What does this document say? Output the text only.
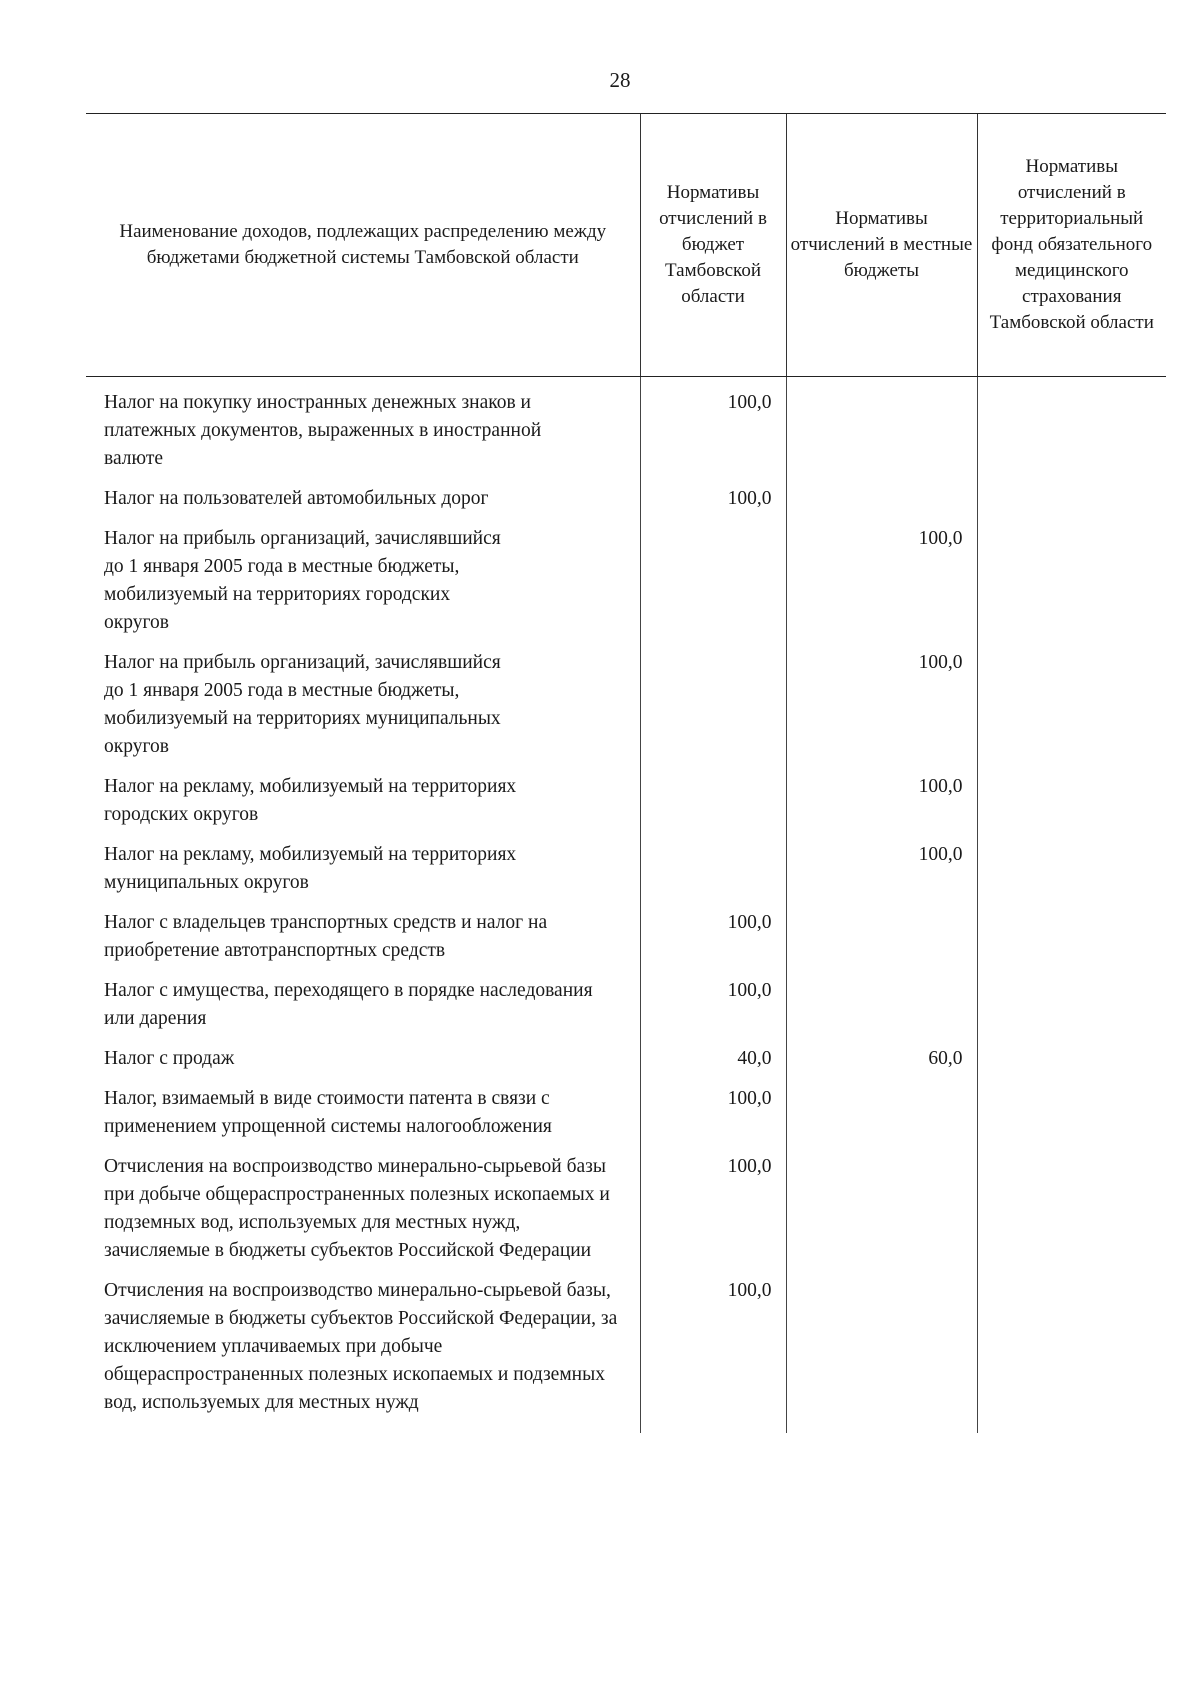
28
Наименование доходов, подлежащих распределению между бюджетами бюджетной системы Тамбовской области	Нормативы отчислений в бюджет Тамбовской области	Нормативы отчислений в местные бюджеты	Нормативы отчислений в территориальный фонд обязательного медицинского страхования Тамбовской области
Налог на покупку иностранных денежных знаков и платежных документов, выраженных в иностранной валюте	100,0		
Налог на пользователей автомобильных дорог	100,0		
Налог на прибыль организаций, зачислявшийся до 1 января 2005 года в местные бюджеты, мобилизуемый на территориях городских округов		100,0	
Налог на прибыль организаций, зачислявшийся до 1 января 2005 года в местные бюджеты, мобилизуемый на территориях муниципальных округов		100,0	
Налог на рекламу, мобилизуемый на территориях городских округов		100,0	
Налог на рекламу, мобилизуемый на территориях муниципальных округов		100,0	
Налог с владельцев транспортных средств и налог на приобретение автотранспортных средств	100,0		
Налог с имущества, переходящего в порядке наследования или дарения	100,0		
Налог с продаж	40,0	60,0	
Налог, взимаемый в виде стоимости патента в связи с применением упрощенной системы налогообложения	100,0		
Отчисления на воспроизводство минерально-сырьевой базы при добыче общераспространенных полезных ископаемых и подземных вод, используемых для местных нужд, зачисляемые в бюджеты субъектов Российской Федерации	100,0		
Отчисления на воспроизводство минерально-сырьевой базы, зачисляемые в бюджеты субъектов Российской Федерации, за исключением уплачиваемых при добыче общераспространенных полезных ископаемых и подземных вод, используемых для местных нужд	100,0		
